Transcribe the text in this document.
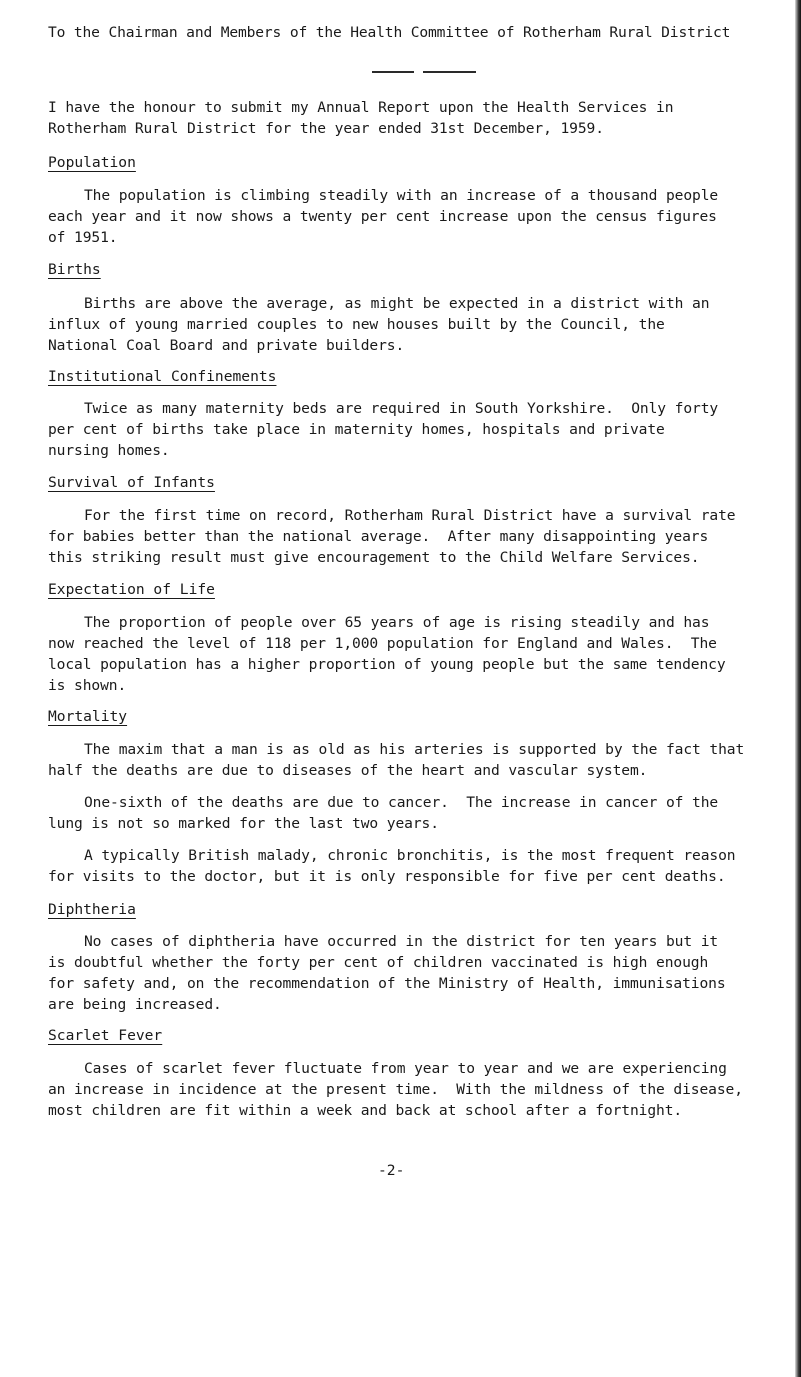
To the Chairman and Members of the Health Committee of Rotherham Rural District
I have the honour to submit my Annual Report upon the Health Services in
Rotherham Rural District for the year ended 31st December, 1959.
Population
The population is climbing steadily with an increase of a thousand people
each year and it now shows a twenty per cent increase upon the census figures
of 1951.
Births
Births are above the average, as might be expected in a district with an
influx of young married couples to new houses built by the Council, the
National Coal Board and private builders.
Institutional Confinements
Twice as many maternity beds are required in South Yorkshire.  Only forty
per cent of births take place in maternity homes, hospitals and private
nursing homes.
Survival of Infants
For the first time on record, Rotherham Rural District have a survival rate
for babies better than the national average.  After many disappointing years
this striking result must give encouragement to the Child Welfare Services.
Expectation of Life
The proportion of people over 65 years of age is rising steadily and has
now reached the level of 118 per 1,000 population for England and Wales.  The
local population has a higher proportion of young people but the same tendency
is shown.
Mortality
The maxim that a man is as old as his arteries is supported by the fact that
half the deaths are due to diseases of the heart and vascular system.
One-sixth of the deaths are due to cancer.  The increase in cancer of the
lung is not so marked for the last two years.
A typically British malady, chronic bronchitis, is the most frequent reason
for visits to the doctor, but it is only responsible for five per cent deaths.
Diphtheria
No cases of diphtheria have occurred in the district for ten years but it
is doubtful whether the forty per cent of children vaccinated is high enough
for safety and, on the recommendation of the Ministry of Health, immunisations
are being increased.
Scarlet Fever
Cases of scarlet fever fluctuate from year to year and we are experiencing
an increase in incidence at the present time.  With the mildness of the disease,
most children are fit within a week and back at school after a fortnight.
-2-
